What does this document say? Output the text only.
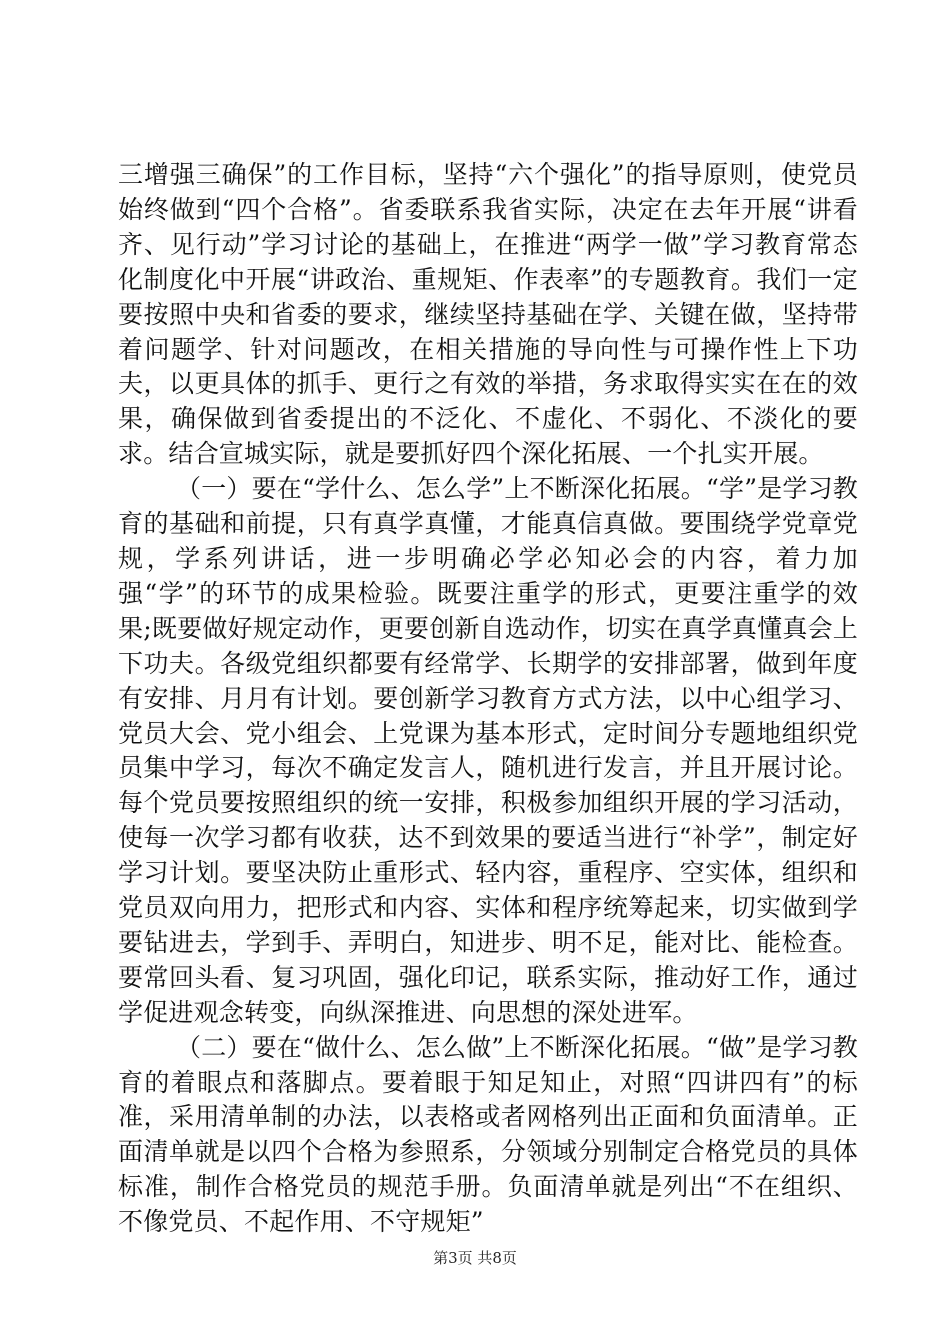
三增强三确保”的工作目标，坚持“六个强化”的指导原则，使党员始终做到“四个合格”。省委联系我省实际，决定在去年开展“讲看齐、见行动”学习讨论的基础上，在推进“两学一做”学习教育常态化制度化中开展“讲政治、重规矩、作表率”的专题教育。我们一定要按照中央和省委的要求，继续坚持基础在学、关键在做，坚持带着问题学、针对问题改，在相关措施的导向性与可操作性上下功夫，以更具体的抓手、更行之有效的举措，务求取得实实在在的效果，确保做到省委提出的不泛化、不虚化、不弱化、不淡化的要求。结合宣城实际，就是要抓好四个深化拓展、一个扎实开展。

（一）要在“学什么、怎么学”上不断深化拓展。“学”是学习教育的基础和前提，只有真学真懂，才能真信真做。要围绕学党章党规，学系列讲话，进一步明确必学必知必会的内容，着力加强“学”的环节的成果检验。既要注重学的形式，更要注重学的效果;既要做好规定动作，更要创新自选动作，切实在真学真懂真会上下功夫。各级党组织都要有经常学、长期学的安排部署，做到年度有安排、月月有计划。要创新学习教育方式方法，以中心组学习、党员大会、党小组会、上党课为基本形式，定时间分专题地组织党员集中学习，每次不确定发言人，随机进行发言，并且开展讨论。每个党员要按照组织的统一安排，积极参加组织开展的学习活动，使每一次学习都有收获，达不到效果的要适当进行“补学”，制定好学习计划。要坚决防止重形式、轻内容，重程序、空实体，组织和党员双向用力，把形式和内容、实体和程序统筹起来，切实做到学要钻进去，学到手、弄明白，知进步、明不足，能对比、能检查。要常回头看、复习巩固，强化印记，联系实际，推动好工作，通过学促进观念转变，向纵深推进、向思想的深处进军。

（二）要在“做什么、怎么做”上不断深化拓展。“做”是学习教育的着眼点和落脚点。要着眼于知足知止，对照“四讲四有”的标准，采用清单制的办法，以表格或者网格列出正面和负面清单。正面清单就是以四个合格为参照系，分领域分别制定合格党员的具体标准，制作合格党员的规范手册。负面清单就是列出“不在组织、不像党员、不起作用、不守规矩”

第3页 共8页
